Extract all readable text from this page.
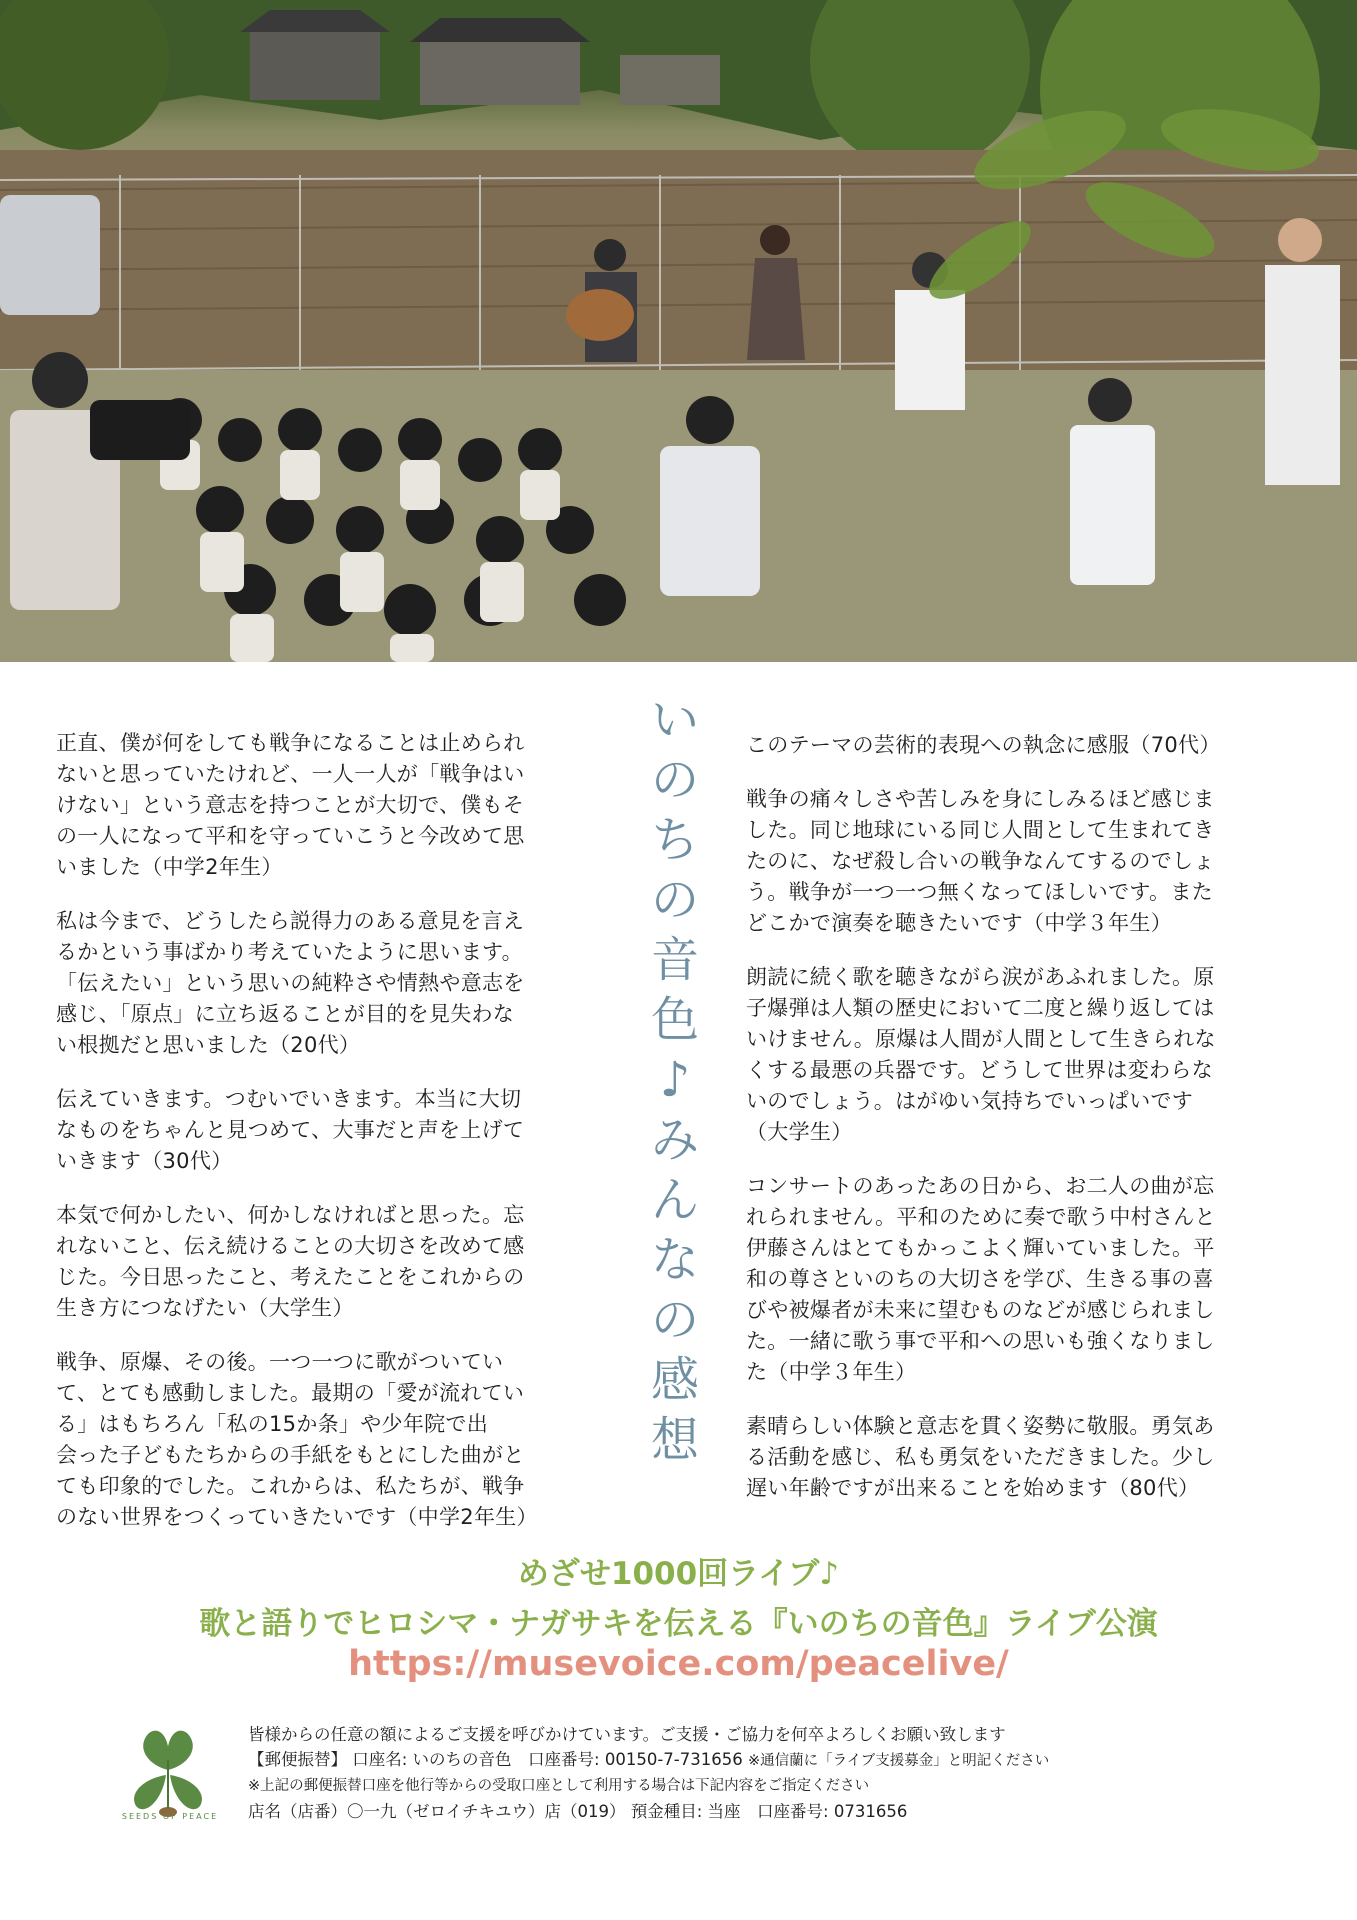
正直、僕が何をしても戦争になることは止められ
ないと思っていたけれど、一人一人が「戦争はい
けない」という意志を持つことが大切で、僕もそ
の一人になって平和を守っていこうと今改めて思
いました（中学2年生）

私は今まで、どうしたら説得力のある意見を言え
るかという事ばかり考えていたように思います。
「伝えたい」という思いの純粋さや情熱や意志を
感じ、「原点」に立ち返ることが目的を見失わな
い根拠だと思いました（20代）

伝えていきます。つむいでいきます。本当に大切
なものをちゃんと見つめて、大事だと声を上げて
いきます（30代）

本気で何かしたい、何かしなければと思った。忘
れないこと、伝え続けることの大切さを改めて感
じた。今日思ったこと、考えたことをこれからの
生き方につなげたい（大学生）

戦争、原爆、その後。一つ一つに歌がついてい
て、とても感動しました。最期の「愛が流れてい
る」はもちろん「私の15か条」や少年院で出
会った子どもたちからの手紙をもとにした曲がと
ても印象的でした。これからは、私たちが、戦争
のない世界をつくっていきたいです（中学2年生）

い
の
ち
の
音
色
♪
み
ん
な
の
感
想

このテーマの芸術的表現への執念に感服（70代）

戦争の痛々しさや苦しみを身にしみるほど感じま
した。同じ地球にいる同じ人間として生まれてき
たのに、なぜ殺し合いの戦争なんてするのでしょ
う。戦争が一つ一つ無くなってほしいです。また
どこかで演奏を聴きたいです（中学３年生）

朗読に続く歌を聴きながら涙があふれました。原
子爆弾は人類の歴史において二度と繰り返しては
いけません。原爆は人間が人間として生きられな
くする最悪の兵器です。どうして世界は変わらな
いのでしょう。はがゆい気持ちでいっぱいです
（大学生）

コンサートのあったあの日から、お二人の曲が忘
れられません。平和のために奏で歌う中村さんと
伊藤さんはとてもかっこよく輝いていました。平
和の尊さといのちの大切さを学び、生きる事の喜
びや被爆者が未来に望むものなどが感じられまし
た。一緒に歌う事で平和への思いも強くなりまし
た（中学３年生）

素晴らしい体験と意志を貫く姿勢に敬服。勇気あ
る活動を感じ、私も勇気をいただきました。少し
遅い年齢ですが出来ることを始めます（80代）

めざせ1000回ライブ♪
歌と語りでヒロシマ・ナガサキを伝える『いのちの音色』ライブ公演
https://musevoice.com/peacelive/
SEEDS OF PEACE
皆様からの任意の額によるご支援を呼びかけています。ご支援・ご協力を何卒よろしくお願い致します
【郵便振替】 口座名: いのちの音色　口座番号: 00150-7-731656 ※通信蘭に「ライブ支援募金」と明記ください
※上記の郵便振替口座を他行等からの受取口座として利用する場合は下記内容をご指定ください
店名（店番）〇一九（ゼロイチキユウ）店（019） 預金種目: 当座　口座番号: 0731656
